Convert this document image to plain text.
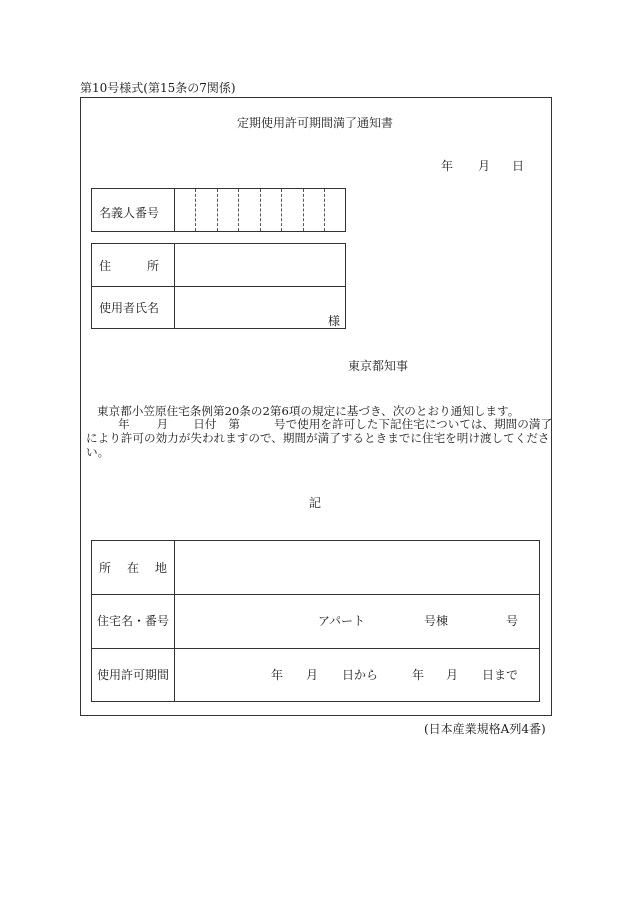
第10号様式(第15条の7関係)
定期使用許可期間満了通知書
年 月 日
名義人番号
住所
使用者氏名
様
東京都知事
東京都小笠原住宅条例第20条の2第6項の規定に基づき、次のとおり通知します。
年 月 日付 第	号で使用を許可した下記住宅については、期間の満了
により許可の効力が失われますので、期間が満了するときまでに住宅を明け渡してくださ
い。
記
所在地
住宅名・番号	アパート	号棟	号
使用許可期間	年 月 日から	年 月 日まで
(日本産業規格A列4番)
